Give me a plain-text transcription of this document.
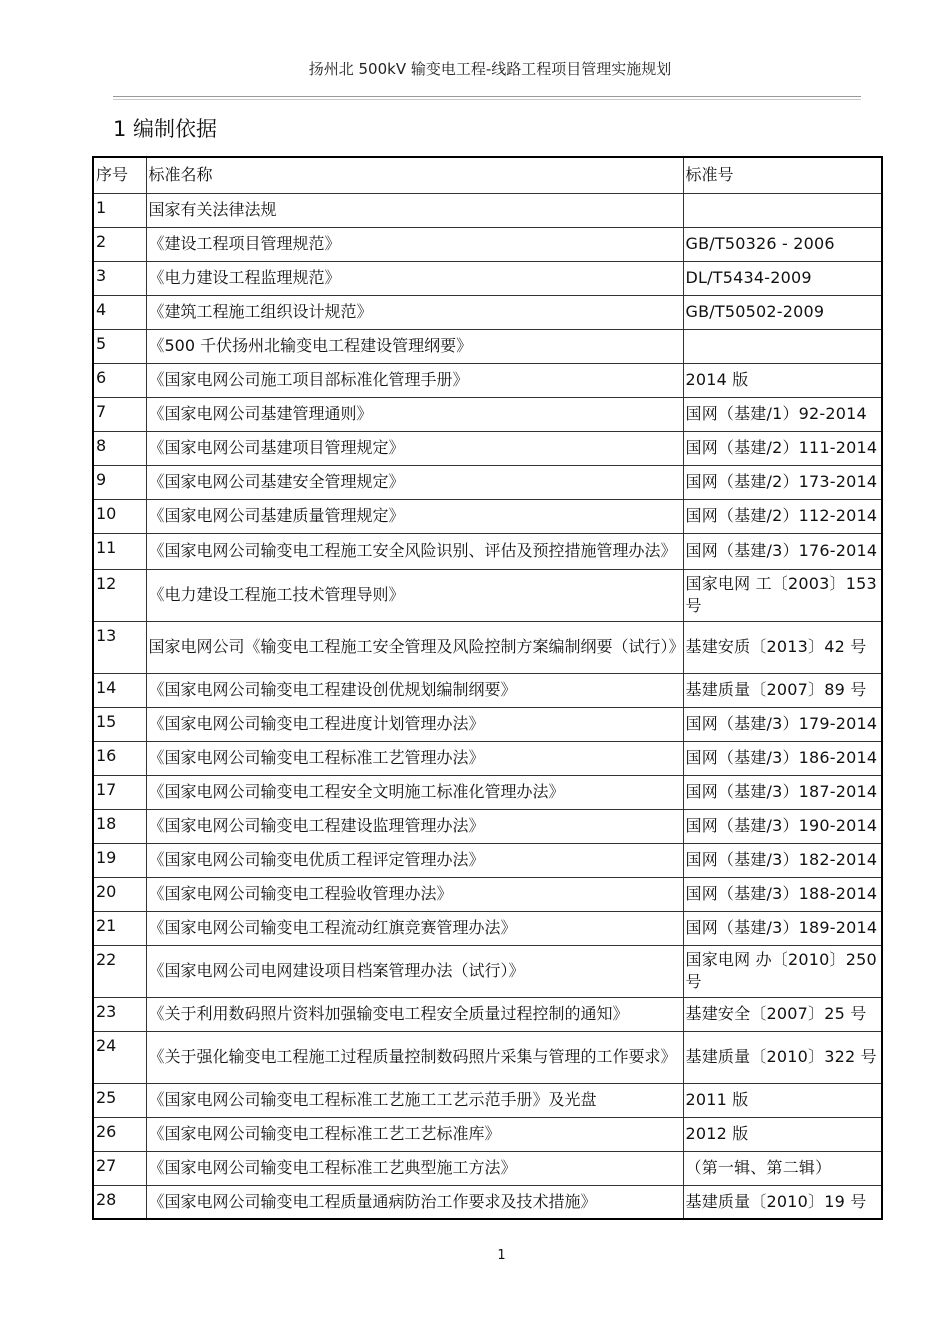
扬州北 500kV 输变电工程-线路工程项目管理实施规划
1 编制依据
序号	标准名称	标准号
1	国家有关法律法规	
2	《建设工程项目管理规范》	GB/T50326 - 2006
3	《电力建设工程监理规范》	DL/T5434-2009
4	《建筑工程施工组织设计规范》	GB/T50502-2009
5	《500 千伏扬州北输变电工程建设管理纲要》	
6	《国家电网公司施工项目部标准化管理手册》	2014 版
7	《国家电网公司基建管理通则》	国网（基建/1）92-2014
8	《国家电网公司基建项目管理规定》	国网（基建/2）111-2014
9	《国家电网公司基建安全管理规定》	国网（基建/2）173-2014
10	《国家电网公司基建质量管理规定》	国网（基建/2）112-2014
11	《国家电网公司输变电工程施工安全风险识别、评估及预控措施管理办法》	国网（基建/3）176-2014
12	《电力建设工程施工技术管理导则》	国家电网 工〔2003〕153 号
13	国家电网公司《输变电工程施工安全管理及风险控制方案编制纲要（试行）》	基建安质〔2013〕42 号
14	《国家电网公司输变电工程建设创优规划编制纲要》	基建质量〔2007〕89 号
15	《国家电网公司输变电工程进度计划管理办法》	国网（基建/3）179-2014
16	《国家电网公司输变电工程标准工艺管理办法》	国网（基建/3）186-2014
17	《国家电网公司输变电工程安全文明施工标准化管理办法》	国网（基建/3）187-2014
18	《国家电网公司输变电工程建设监理管理办法》	国网（基建/3）190-2014
19	《国家电网公司输变电优质工程评定管理办法》	国网（基建/3）182-2014
20	《国家电网公司输变电工程验收管理办法》	国网（基建/3）188-2014
21	《国家电网公司输变电工程流动红旗竞赛管理办法》	国网（基建/3）189-2014
22	《国家电网公司电网建设项目档案管理办法（试行）》	国家电网 办〔2010〕250 号
23	《关于利用数码照片资料加强输变电工程安全质量过程控制的通知》	基建安全〔2007〕25 号
24	《关于强化输变电工程施工过程质量控制数码照片采集与管理的工作要求》	基建质量〔2010〕322 号
25	《国家电网公司输变电工程标准工艺施工工艺示范手册》及光盘	2011 版
26	《国家电网公司输变电工程标准工艺工艺标准库》	2012 版
27	《国家电网公司输变电工程标准工艺典型施工方法》	（第一辑、第二辑）
28	《国家电网公司输变电工程质量通病防治工作要求及技术措施》	基建质量〔2010〕19 号
1
